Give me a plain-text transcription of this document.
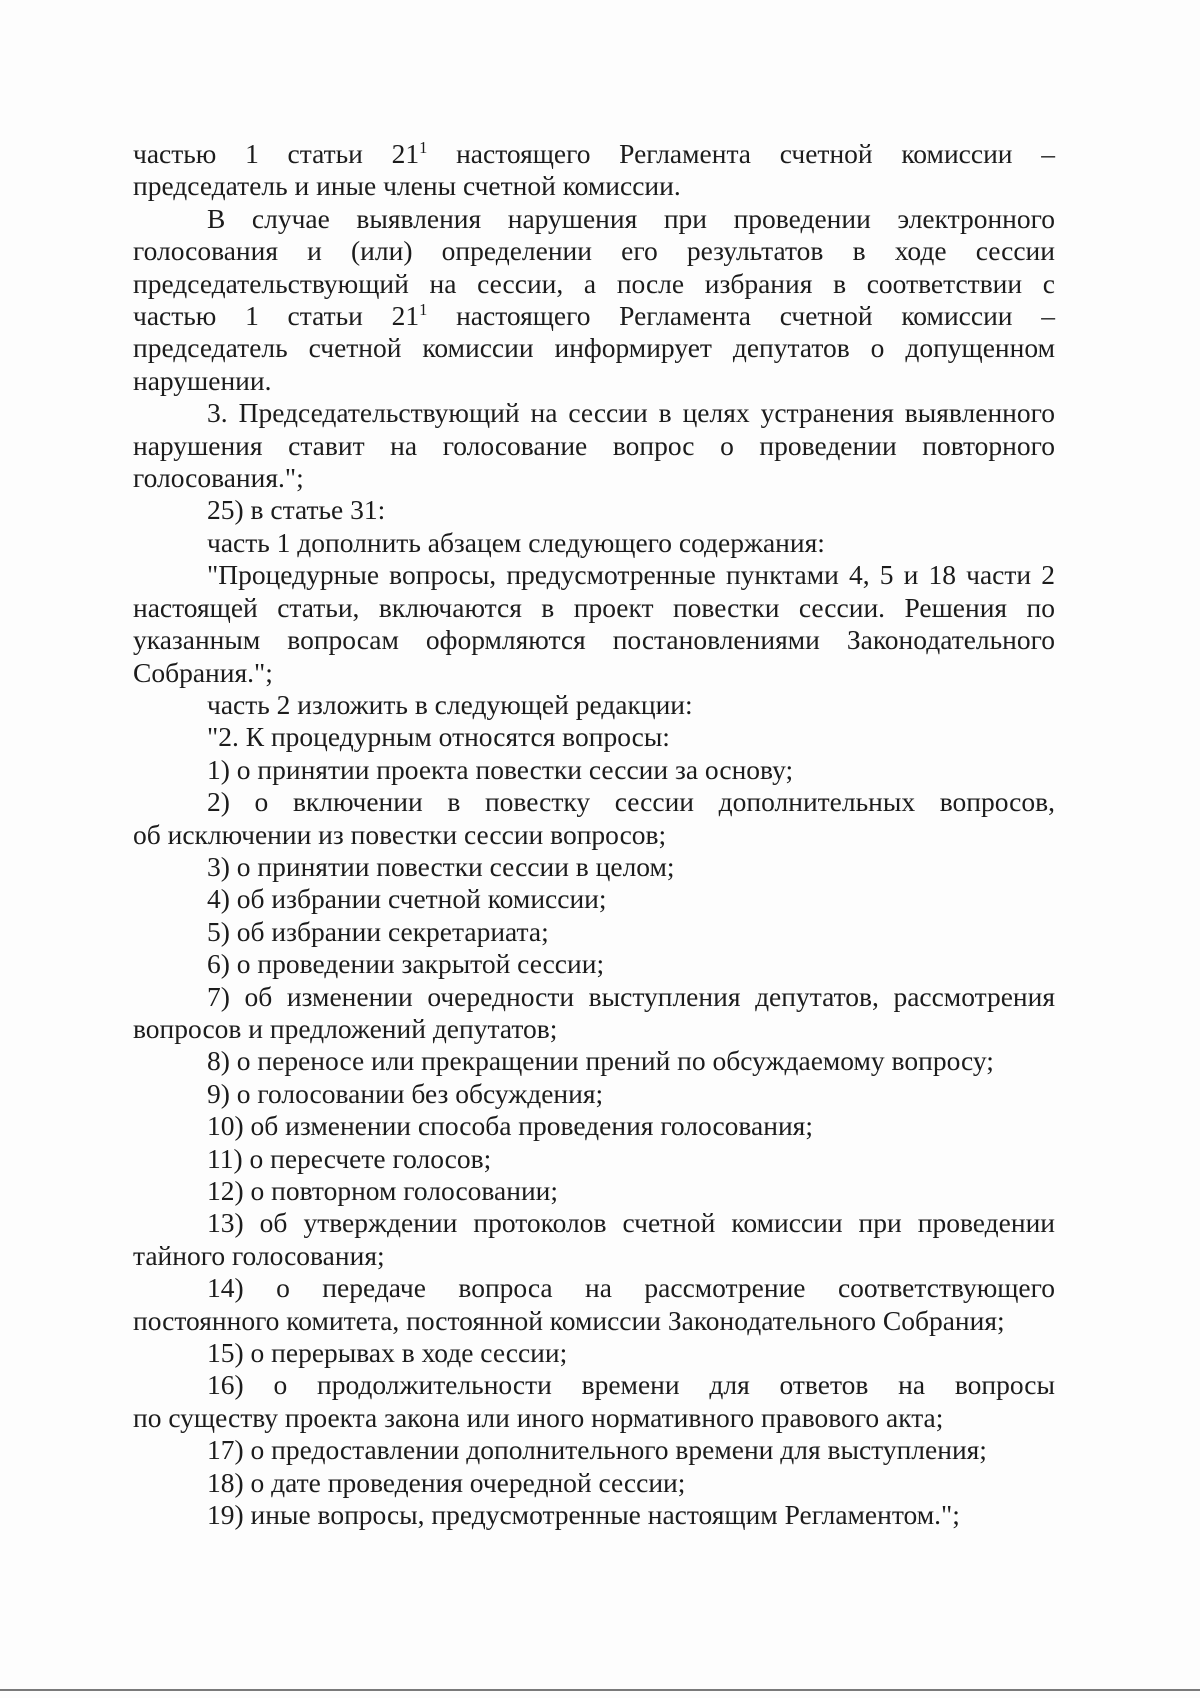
частью 1 статьи $21^1$ настоящего Регламента счетной комиссии –

председатель и иные члены счетной комиссии.

В случае выявления нарушения при проведении электронного

голосования и (или) определении его результатов в ходе сессии

председательствующий на сессии, а после избрания в соответствии с

частью 1 статьи $21^1$ настоящего Регламента счетной комиссии –

председатель счетной комиссии информирует депутатов о допущенном

нарушении.

3. Председательствующий на сессии в целях устранения выявленного

нарушения ставит на голосование вопрос о проведении повторного

голосования.";

25) в статье 31:

часть 1 дополнить абзацем следующего содержания:

"Процедурные вопросы, предусмотренные пунктами 4, 5 и 18 части 2

настоящей статьи, включаются в проект повестки сессии. Решения по

указанным вопросам оформляются постановлениями Законодательного

Собрания.";

часть 2 изложить в следующей редакции:

"2. К процедурным относятся вопросы:

1) о принятии проекта повестки сессии за основу;

2) о включении в повестку сессии дополнительных вопросов,

об исключении из повестки сессии вопросов;

3) о принятии повестки сессии в целом;

4) об избрании счетной комиссии;

5) об избрании секретариата;

6) о проведении закрытой сессии;

7) об изменении очередности выступления депутатов, рассмотрения

вопросов и предложений депутатов;

8) о переносе или прекращении прений по обсуждаемому вопросу;

9) о голосовании без обсуждения;

10) об изменении способа проведения голосования;

11) о пересчете голосов;

12) о повторном голосовании;

13) об утверждении протоколов счетной комиссии при проведении

тайного голосования;

14) о передаче вопроса на рассмотрение соответствующего

постоянного комитета, постоянной комиссии Законодательного Собрания;

15) о перерывах в ходе сессии;

16) о продолжительности времени для ответов на вопросы

по существу проекта закона или иного нормативного правового акта;

17) о предоставлении дополнительного времени для выступления;

18) о дате проведения очередной сессии;

19) иные вопросы, предусмотренные настоящим Регламентом.";
